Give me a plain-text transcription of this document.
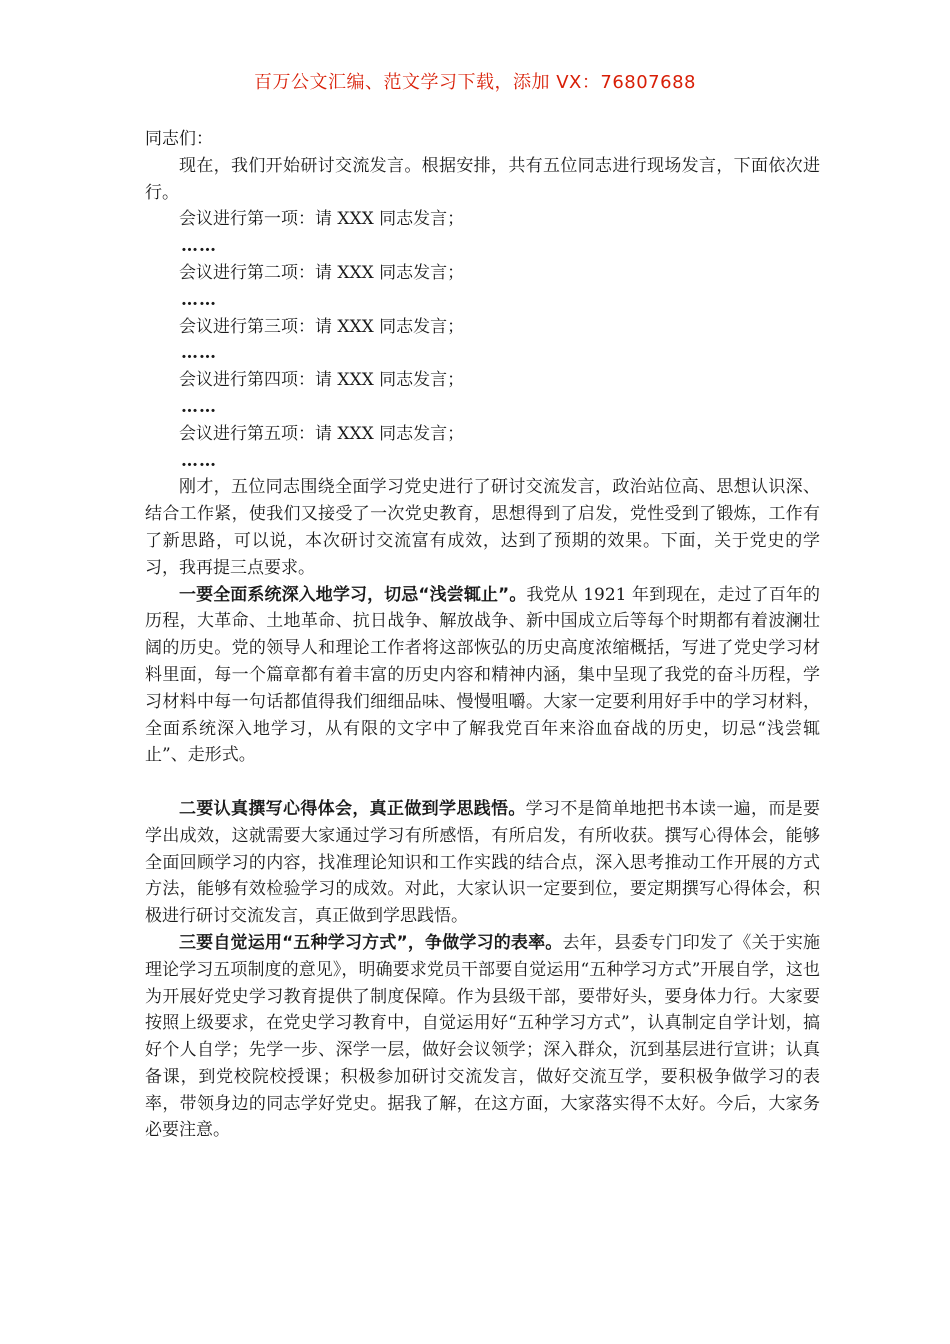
百万公文汇编、范文学习下载，添加 VX：76807688

同志们：

现在，我们开始研讨交流发言。根据安排，共有五位同志进行现场发言，下面依次进行。

会议进行第一项：请 XXX 同志发言；

……

会议进行第二项：请 XXX 同志发言；

……

会议进行第三项：请 XXX 同志发言；

……

会议进行第四项：请 XXX 同志发言；

……

会议进行第五项：请 XXX 同志发言；

……

刚才，五位同志围绕全面学习党史进行了研讨交流发言，政治站位高、思想认识深、结合工作紧，使我们又接受了一次党史教育，思想得到了启发，党性受到了锻炼，工作有了新思路，可以说，本次研讨交流富有成效，达到了预期的效果。下面，关于党史的学习，我再提三点要求。

一要全面系统深入地学习，切忌“浅尝辄止”。我党从 1921 年到现在，走过了百年的历程，大革命、土地革命、抗日战争、解放战争、新中国成立后等每个时期都有着波澜壮阔的历史。党的领导人和理论工作者将这部恢弘的历史高度浓缩概括，写进了党史学习材料里面，每一个篇章都有着丰富的历史内容和精神内涵，集中呈现了我党的奋斗历程，学习材料中每一句话都值得我们细细品味、慢慢咀嚼。大家一定要利用好手中的学习材料，全面系统深入地学习，从有限的文字中了解我党百年来浴血奋战的历史，切忌“浅尝辄止”、走形式。

二要认真撰写心得体会，真正做到学思践悟。学习不是简单地把书本读一遍，而是要学出成效，这就需要大家通过学习有所感悟，有所启发，有所收获。撰写心得体会，能够全面回顾学习的内容，找准理论知识和工作实践的结合点，深入思考推动工作开展的方式方法，能够有效检验学习的成效。对此，大家认识一定要到位，要定期撰写心得体会，积极进行研讨交流发言，真正做到学思践悟。

三要自觉运用“五种学习方式”，争做学习的表率。去年，县委专门印发了《关于实施理论学习五项制度的意见》，明确要求党员干部要自觉运用“五种学习方式”开展自学，这也为开展好党史学习教育提供了制度保障。作为县级干部，要带好头，要身体力行。大家要按照上级要求，在党史学习教育中，自觉运用好“五种学习方式”，认真制定自学计划，搞好个人自学；先学一步、深学一层，做好会议领学；深入群众，沉到基层进行宣讲；认真备课，到党校院校授课；积极参加研讨交流发言，做好交流互学，要积极争做学习的表率，带领身边的同志学好党史。据我了解，在这方面，大家落实得不太好。今后，大家务必要注意。
